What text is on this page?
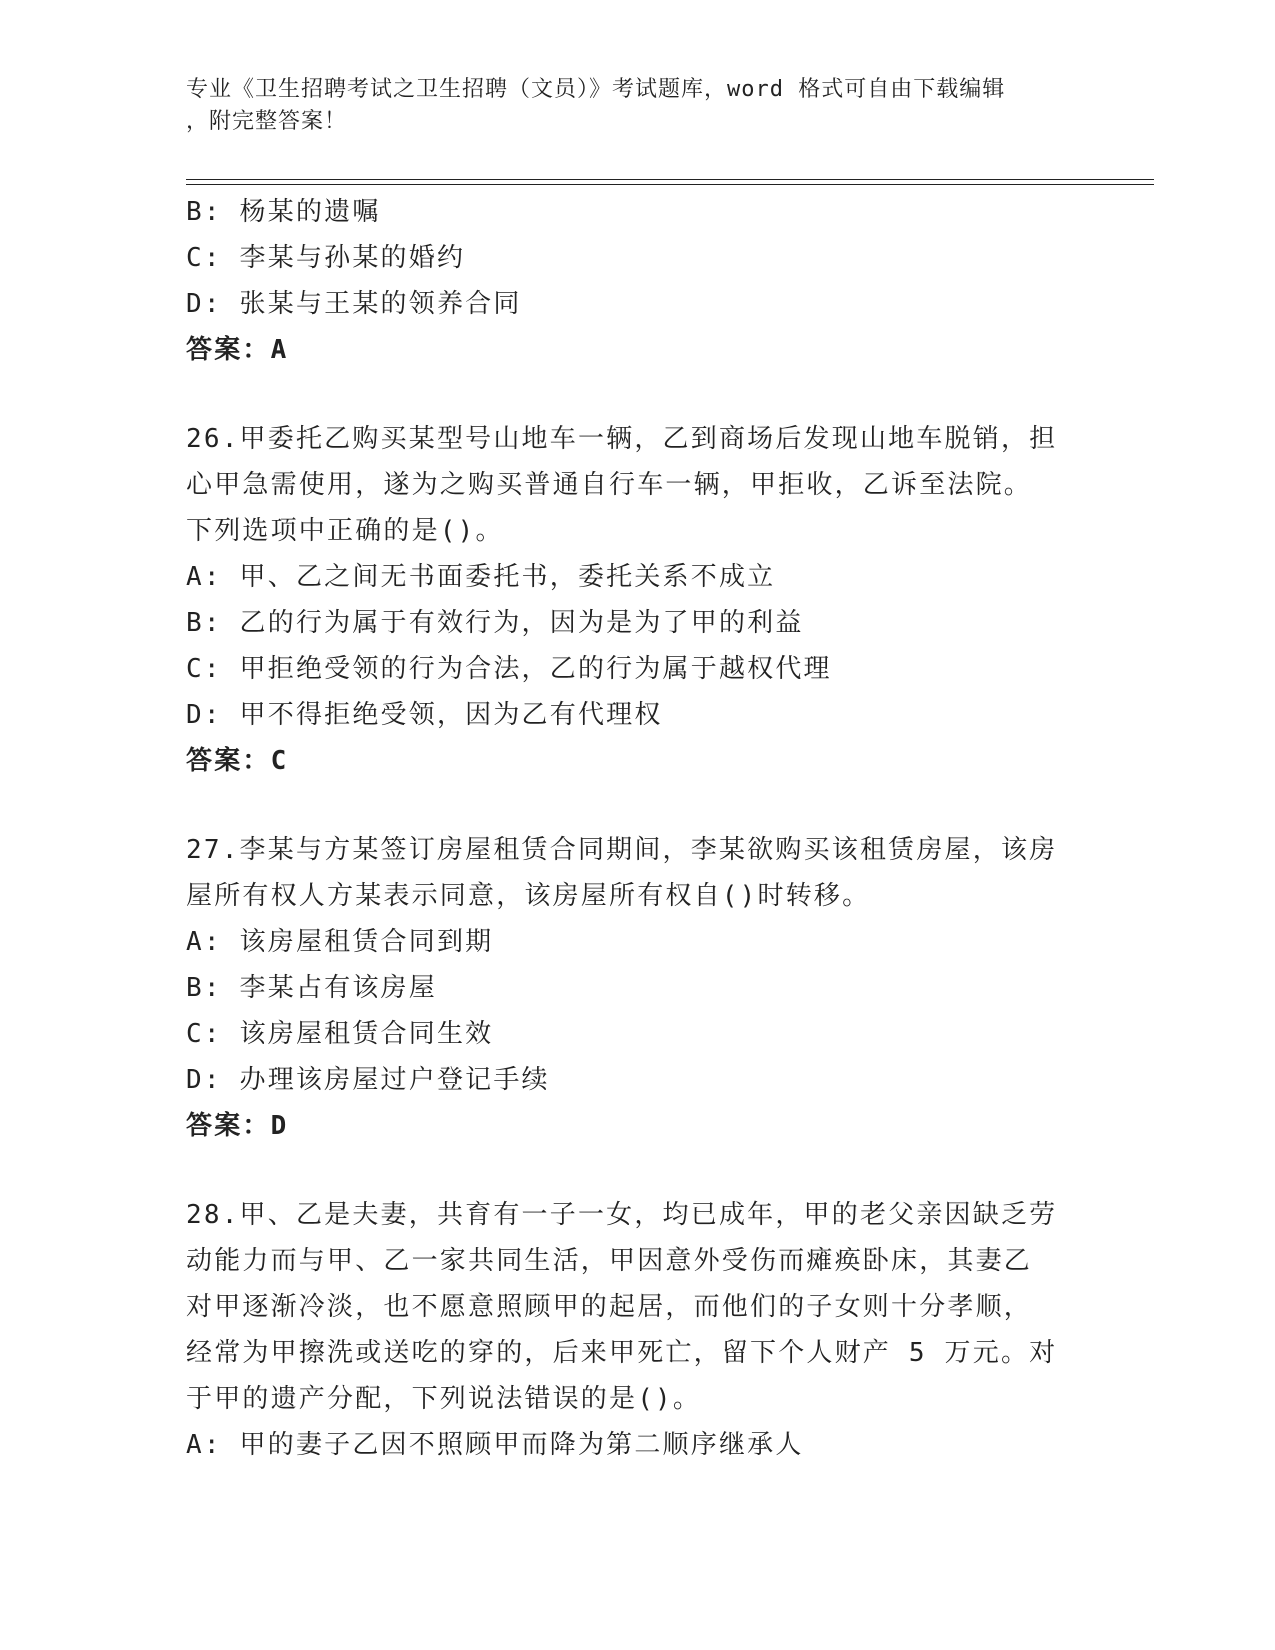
专业《卫生招聘考试之卫生招聘（文员）》考试题库，word 格式可自由下载编辑
，附完整答案！
B: 杨某的遗嘱
C: 李某与孙某的婚约
D: 张某与王某的领养合同
答案：A
26.甲委托乙购买某型号山地车一辆，乙到商场后发现山地车脱销，担
心甲急需使用，遂为之购买普通自行车一辆，甲拒收，乙诉至法院。
下列选项中正确的是()。
A: 甲、乙之间无书面委托书，委托关系不成立
B: 乙的行为属于有效行为，因为是为了甲的利益
C: 甲拒绝受领的行为合法，乙的行为属于越权代理
D: 甲不得拒绝受领，因为乙有代理权
答案：C
27.李某与方某签订房屋租赁合同期间，李某欲购买该租赁房屋，该房
屋所有权人方某表示同意，该房屋所有权自()时转移。
A: 该房屋租赁合同到期
B: 李某占有该房屋
C: 该房屋租赁合同生效
D: 办理该房屋过户登记手续
答案：D
28.甲、乙是夫妻，共育有一子一女，均已成年，甲的老父亲因缺乏劳
动能力而与甲、乙一家共同生活，甲因意外受伤而瘫痪卧床，其妻乙
对甲逐渐冷淡，也不愿意照顾甲的起居，而他们的子女则十分孝顺，
经常为甲擦洗或送吃的穿的，后来甲死亡，留下个人财产 5 万元。对
于甲的遗产分配，下列说法错误的是()。
A: 甲的妻子乙因不照顾甲而降为第二顺序继承人
